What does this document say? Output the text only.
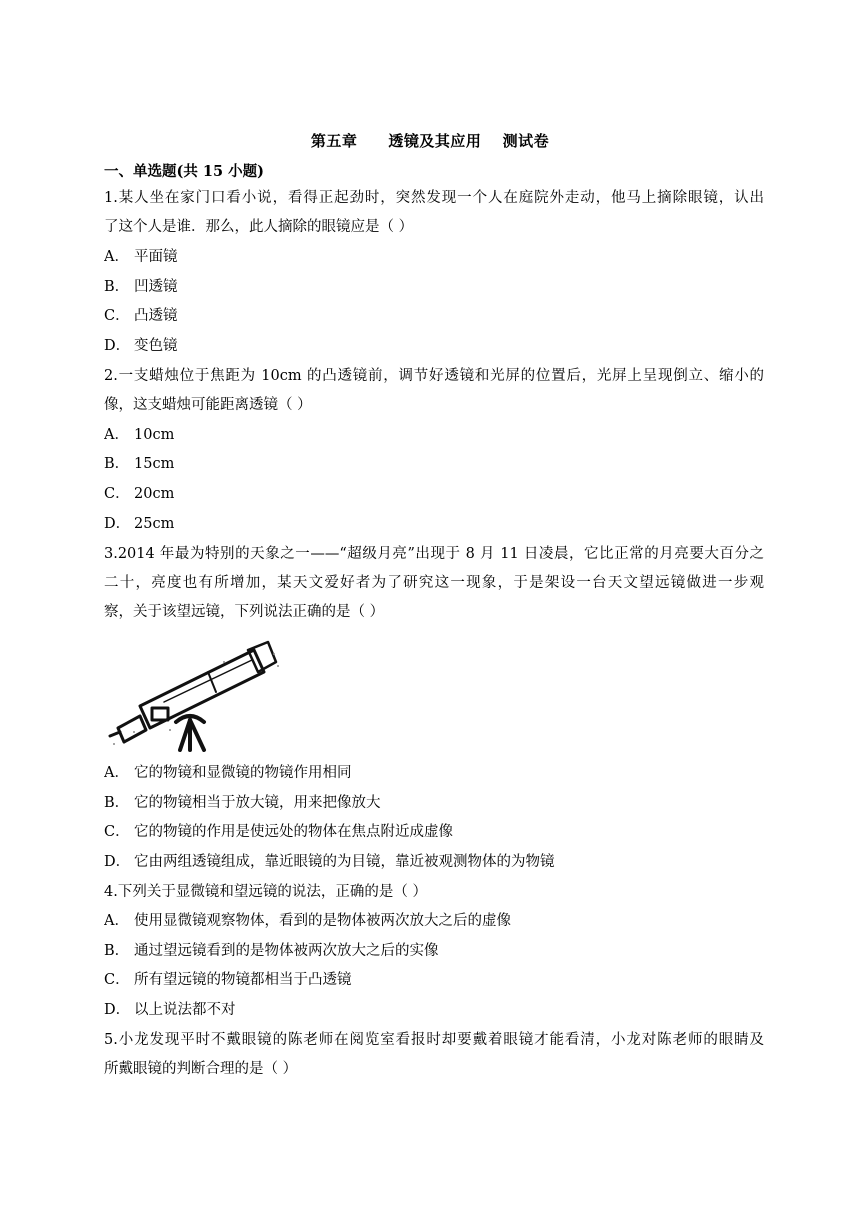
第五章　　透镜及其应用　 测试卷
一、单选题(共 15 小题)
1.某人坐在家门口看小说，看得正起劲时，突然发现一个人在庭院外走动，他马上摘除眼镜，认出
了这个人是谁．那么，此人摘除的眼镜应是（ ）
A． 平面镜
B． 凹透镜
C． 凸透镜
D． 变色镜
2.一支蜡烛位于焦距为 10cm 的凸透镜前，调节好透镜和光屏的位置后，光屏上呈现倒立、缩小的
像，这支蜡烛可能距离透镜（ ）
A． 10cm
B． 15cm
C． 20cm
D． 25cm
3.2014 年最为特别的天象之一——“超级月亮”出现于 8 月 11 日凌晨，它比正常的月亮要大百分之
二十，亮度也有所增加，某天文爱好者为了研究这一现象，于是架设一台天文望远镜做进一步观
察，关于该望远镜，下列说法正确的是（ ）
A． 它的物镜和显微镜的物镜作用相同
B． 它的物镜相当于放大镜，用来把像放大
C． 它的物镜的作用是使远处的物体在焦点附近成虚像
D． 它由两组透镜组成，靠近眼镜的为目镜，靠近被观测物体的为物镜
4.下列关于显微镜和望远镜的说法，正确的是（ ）
A． 使用显微镜观察物体，看到的是物体被两次放大之后的虚像
B． 通过望远镜看到的是物体被两次放大之后的实像
C． 所有望远镜的物镜都相当于凸透镜
D． 以上说法都不对
5.小龙发现平时不戴眼镜的陈老师在阅览室看报时却要戴着眼镜才能看清，小龙对陈老师的眼睛及
所戴眼镜的判断合理的是（ ）
